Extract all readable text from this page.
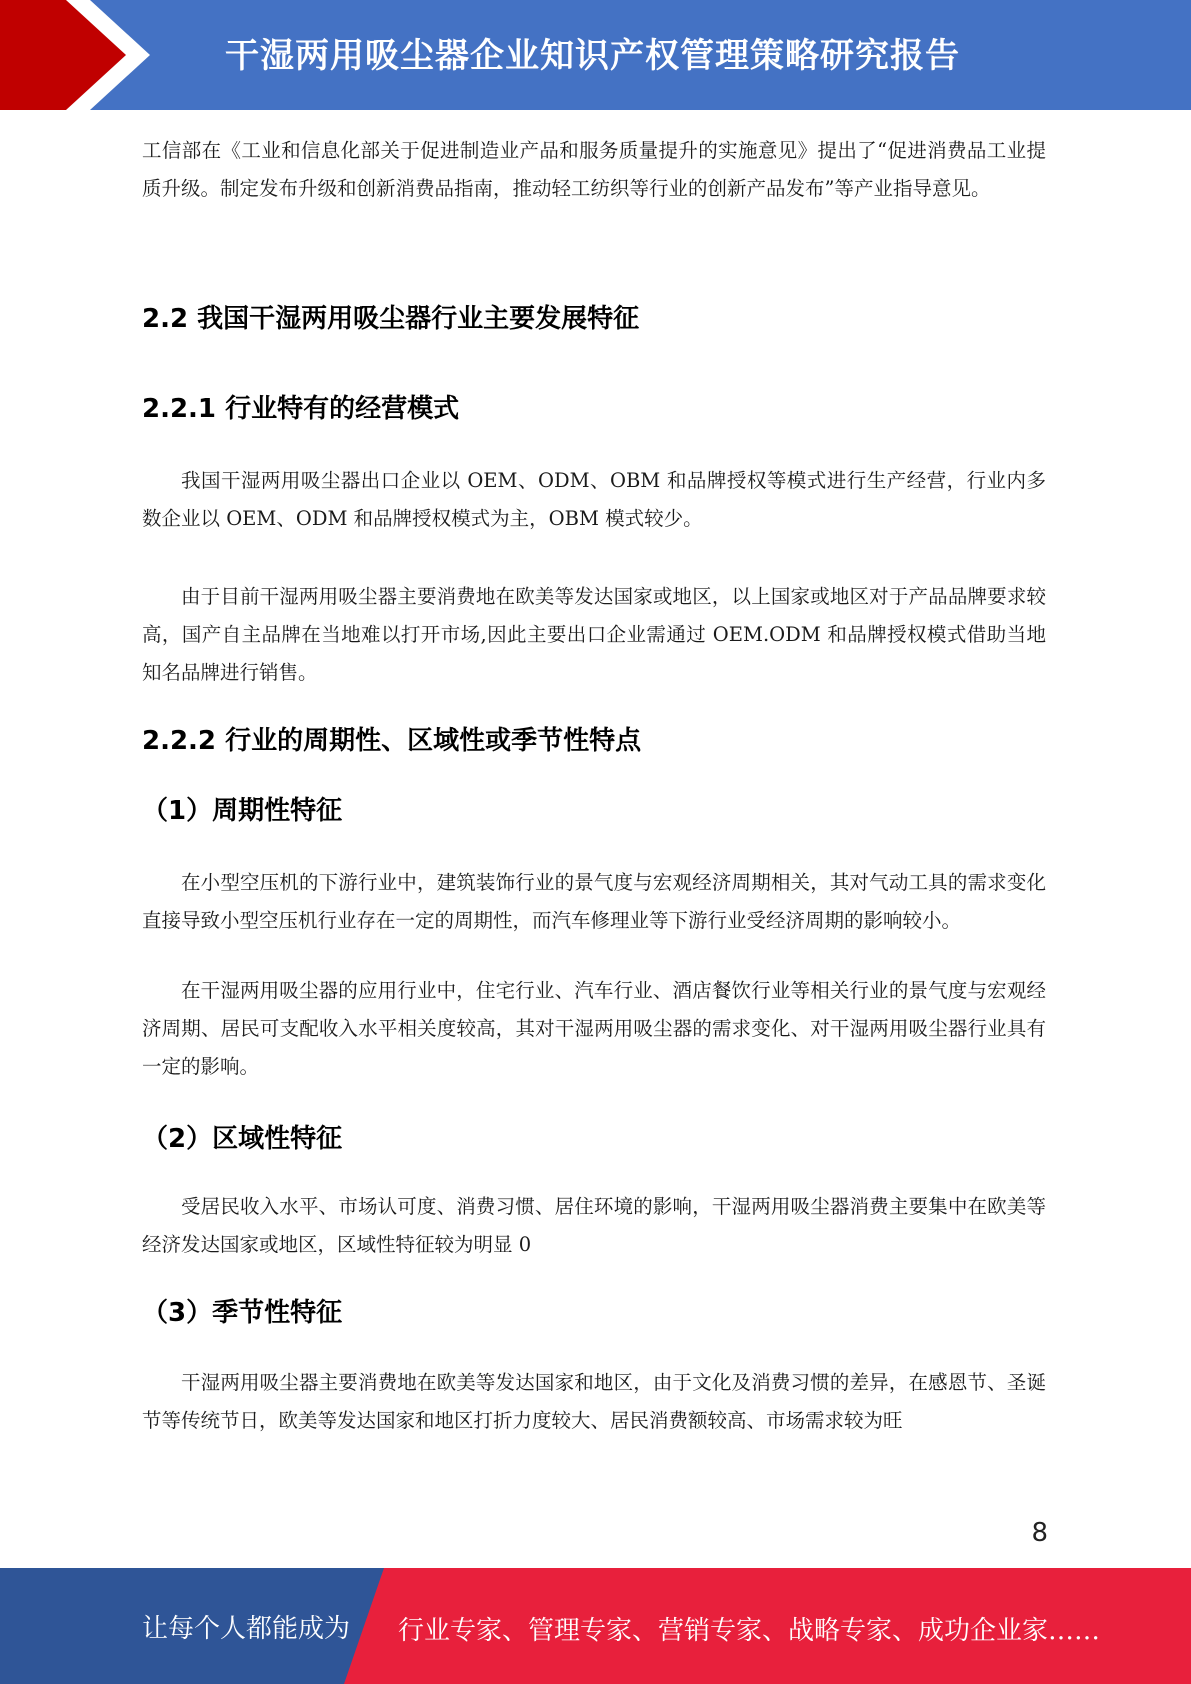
干湿两用吸尘器企业知识产权管理策略研究报告

工信部在《工业和信息化部关于促进制造业产品和服务质量提升的实施意见》提出了“促进消费品工业提质升级。制定发布升级和创新消费品指南，推动轻工纺织等行业的创新产品发布”等产业指导意见。

2.2 我国干湿两用吸尘器行业主要发展特征
2.2.1 行业特有的经营模式

我国干湿两用吸尘器出口企业以 OEM、ODM、OBM 和品牌授权等模式进行生产经营，行业内多数企业以 OEM、ODM 和品牌授权模式为主，OBM 模式较少。

由于目前干湿两用吸尘器主要消费地在欧美等发达国家或地区，以上国家或地区对于产品品牌要求较高，国产自主品牌在当地难以打开市场,因此主要出口企业需通过 OEM.ODM 和品牌授权模式借助当地知名品牌进行销售。

2.2.2 行业的周期性、区域性或季节性特点
（1）周期性特征

在小型空压机的下游行业中，建筑装饰行业的景气度与宏观经济周期相关，其对气动工具的需求变化直接导致小型空压机行业存在一定的周期性，而汽车修理业等下游行业受经济周期的影响较小。

在干湿两用吸尘器的应用行业中，住宅行业、汽车行业、酒店餐饮行业等相关行业的景气度与宏观经济周期、居民可支配收入水平相关度较高，其对干湿两用吸尘器的需求变化、对干湿两用吸尘器行业具有一定的影响。

（2）区域性特征

受居民收入水平、市场认可度、消费习惯、居住环境的影响，干湿两用吸尘器消费主要集中在欧美等经济发达国家或地区，区域性特征较为明显 0

（3）季节性特征

干湿两用吸尘器主要消费地在欧美等发达国家和地区，由于文化及消费习惯的差异，在感恩节、圣诞节等传统节日，欧美等发达国家和地区打折力度较大、居民消费额较高、市场需求较为旺

8
让每个人都能成为 行业专家、管理专家、营销专家、战略专家、成功企业家……
